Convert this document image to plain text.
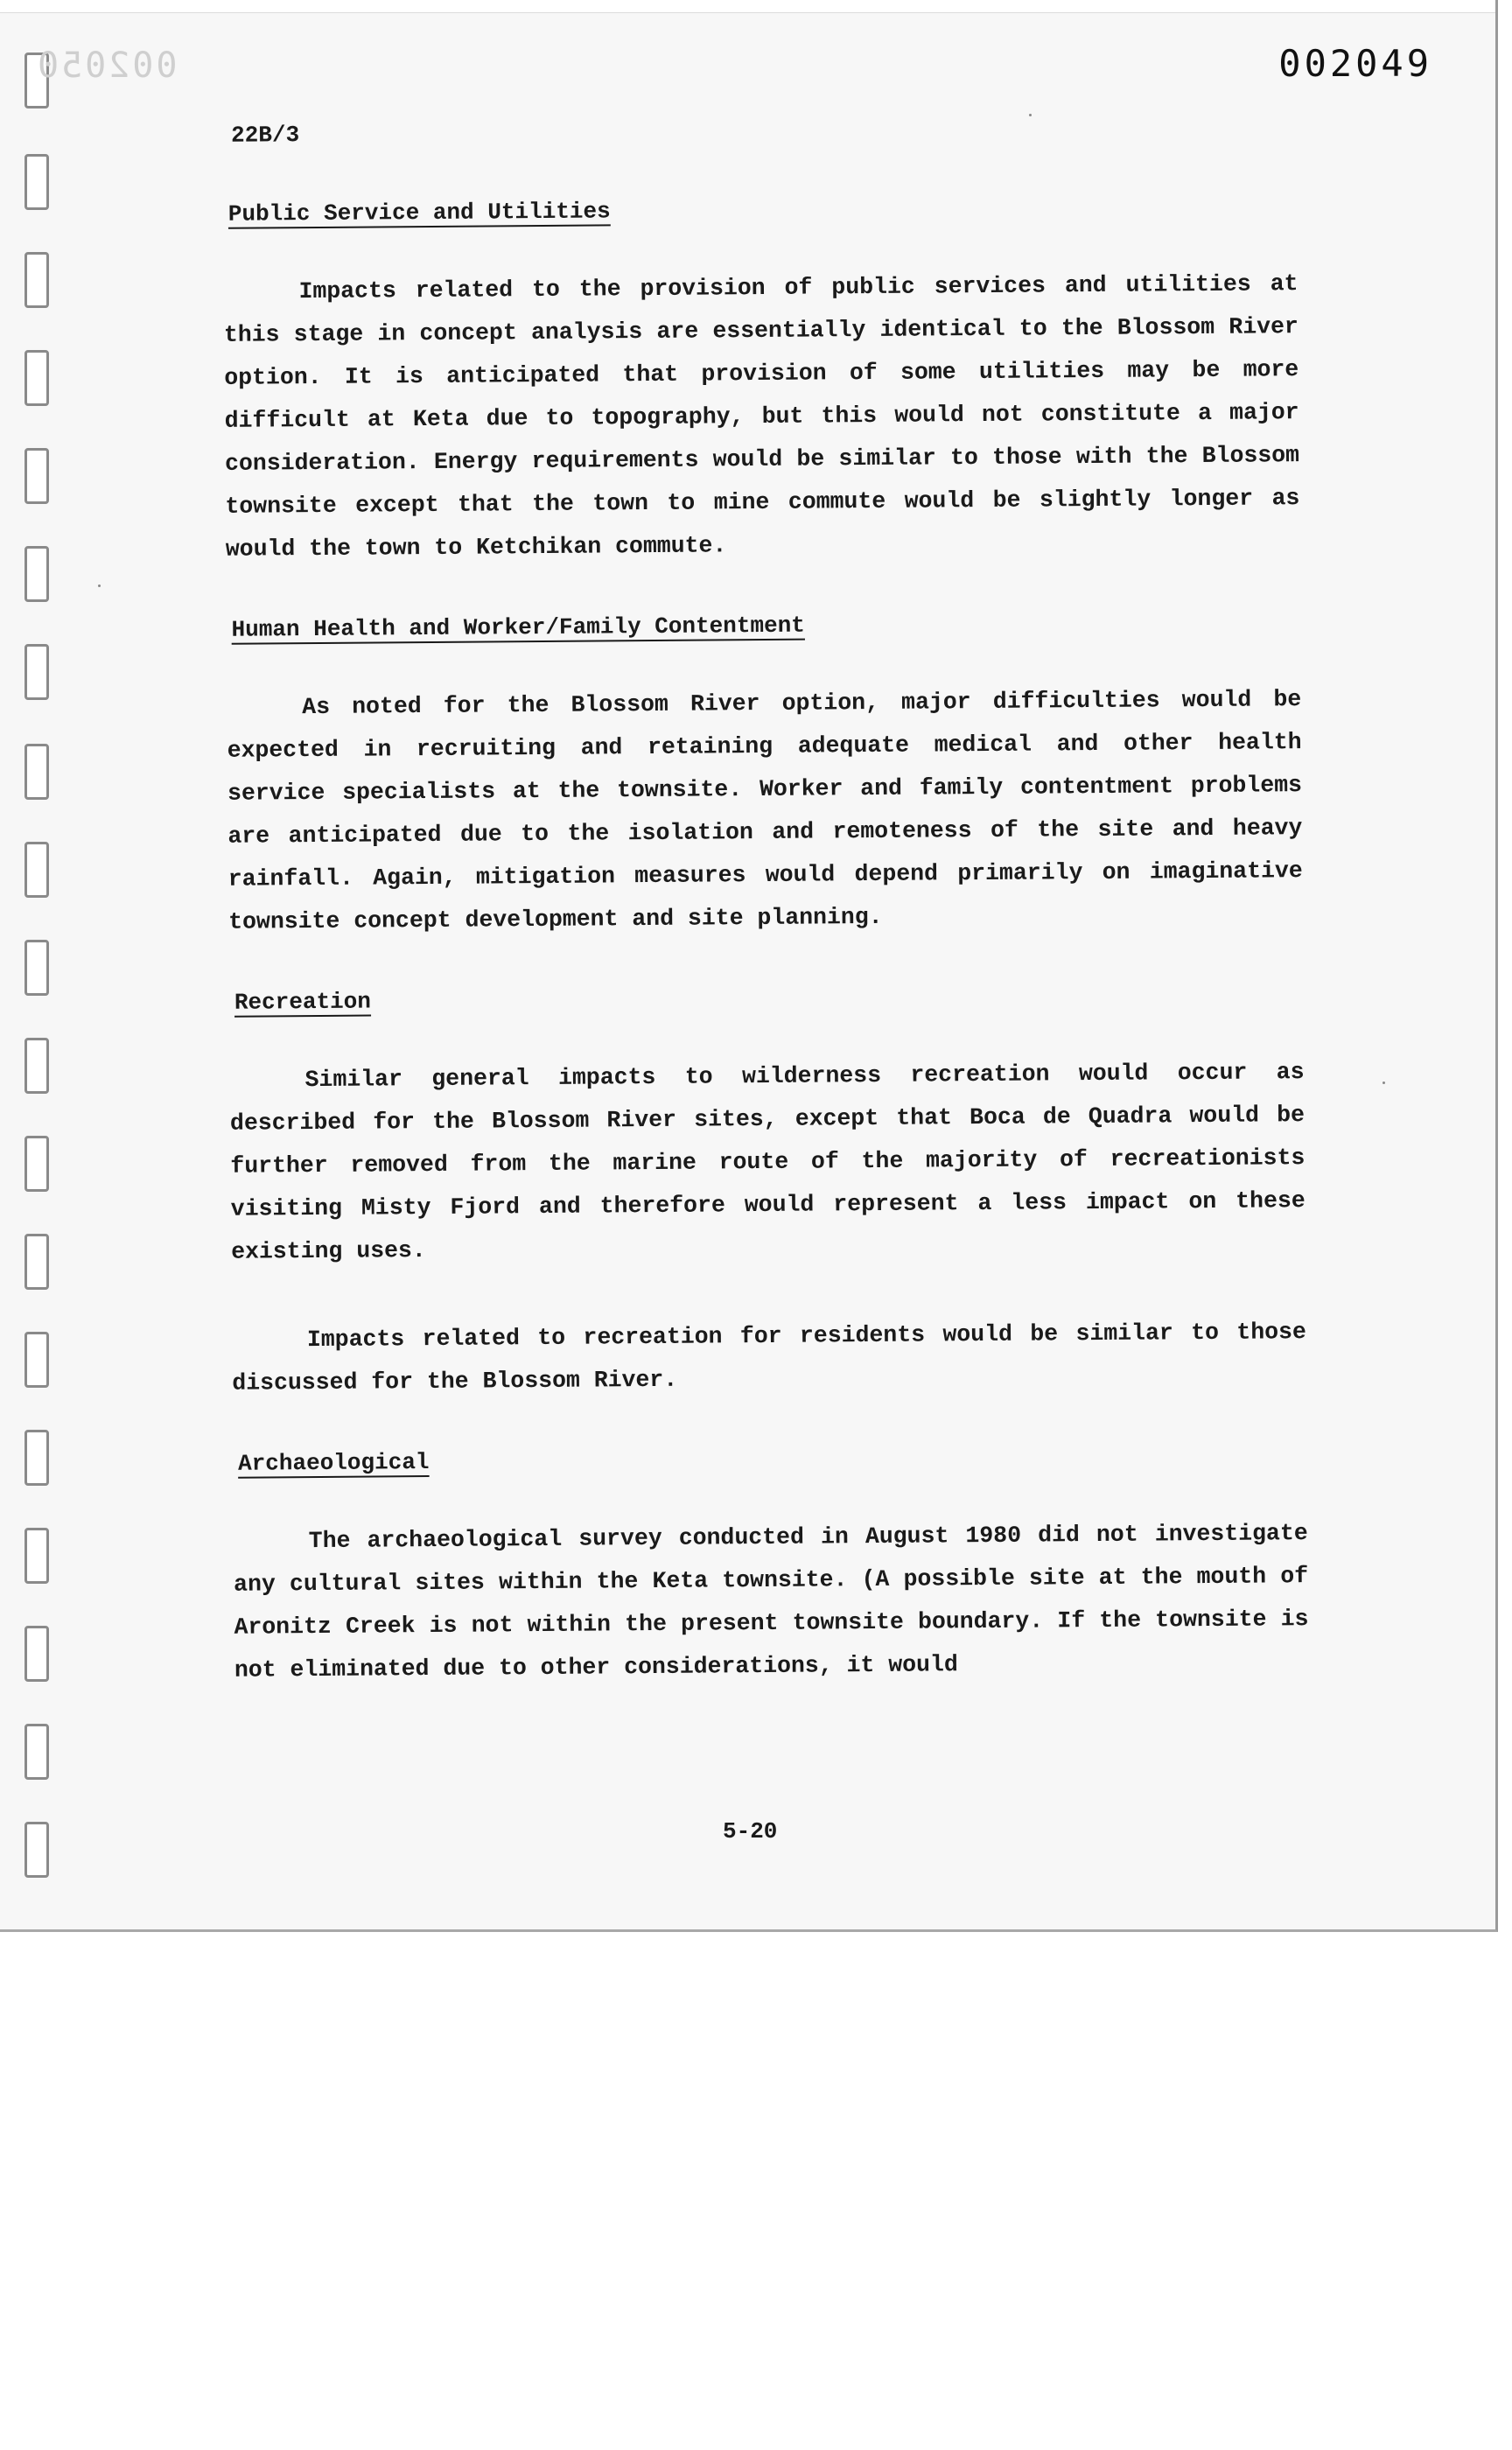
002050	002049
22B/3
Public Service and Utilities

Impacts related to the provision of public services and utilities at this stage in concept analysis are essentially identical to the Blossom River option. It is anticipated that provision of some utilities may be more difficult at Keta due to topography, but this would not constitute a major consideration. Energy requirements would be similar to those with the Blossom townsite except that the town to mine commute would be slightly longer as would the town to Ketchikan commute.

Human Health and Worker/Family Contentment

As noted for the Blossom River option, major difficulties would be expected in recruiting and retaining adequate medical and other health service specialists at the townsite. Worker and family contentment problems are anticipated due to the isolation and remoteness of the site and heavy rainfall. Again, mitigation measures would depend primarily on imaginative townsite concept development and site planning.

Recreation

Similar general impacts to wilderness recreation would occur as described for the Blossom River sites, except that Boca de Quadra would be further removed from the marine route of the majority of recreationists visiting Misty Fjord and therefore would represent a less impact on these existing uses.

Impacts related to recreation for residents would be similar to those discussed for the Blossom River.

Archaeological

The archaeological survey conducted in August 1980 did not investigate any cultural sites within the Keta townsite. (A possible site at the mouth of Aronitz Creek is not within the present townsite boundary. If the townsite is not eliminated due to other considerations, it would

5-20
